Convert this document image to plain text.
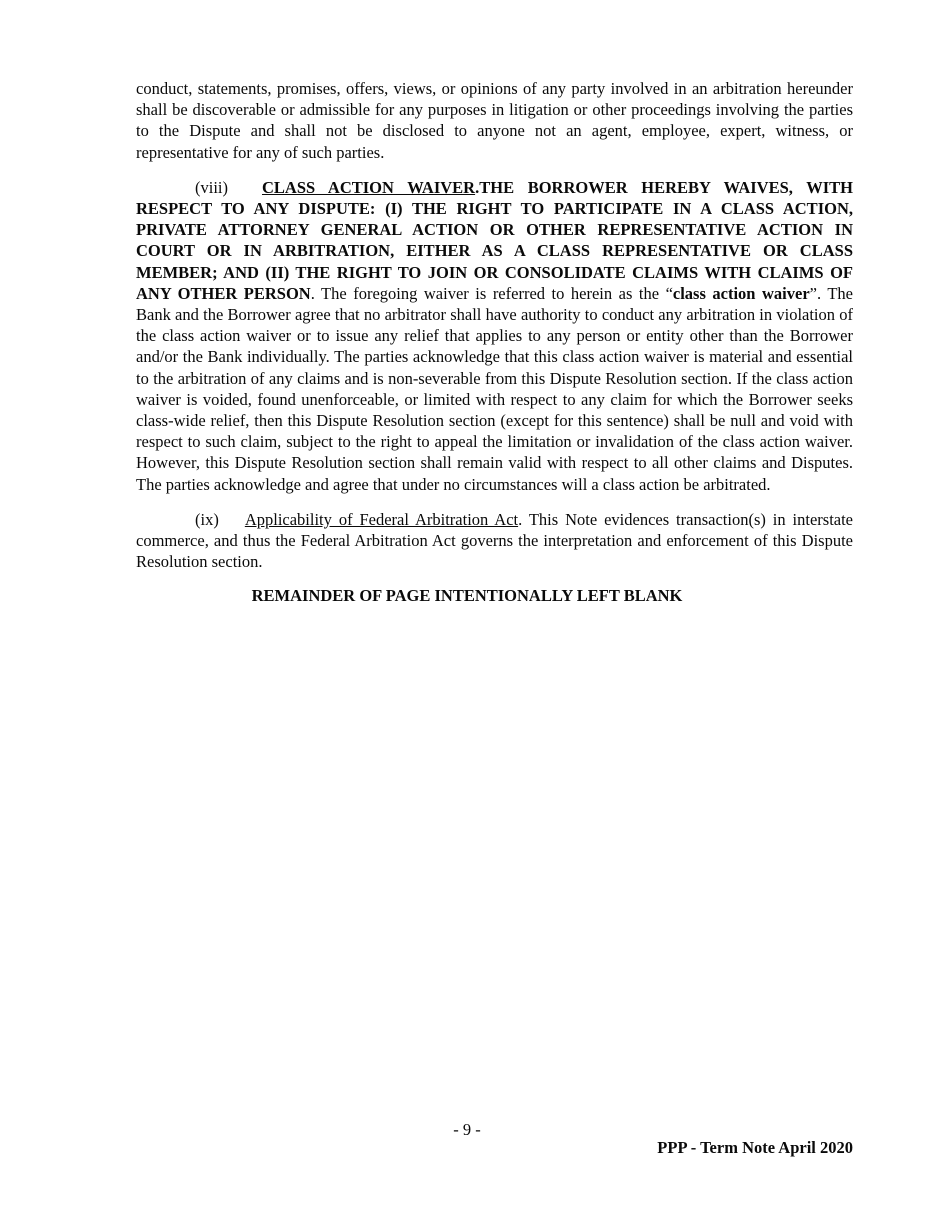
conduct, statements, promises, offers, views, or opinions of any party involved in an arbitration hereunder shall be discoverable or admissible for any purposes in litigation or other proceedings involving the parties to the Dispute and shall not be disclosed to anyone not an agent, employee, expert, witness, or representative for any of such parties.

(viii) CLASS ACTION WAIVER.THE BORROWER HEREBY WAIVES, WITH RESPECT TO ANY DISPUTE: (I) THE RIGHT TO PARTICIPATE IN A CLASS ACTION, PRIVATE ATTORNEY GENERAL ACTION OR OTHER REPRESENTATIVE ACTION IN COURT OR IN ARBITRATION, EITHER AS A CLASS REPRESENTATIVE OR CLASS MEMBER; AND (II) THE RIGHT TO JOIN OR CONSOLIDATE CLAIMS WITH CLAIMS OF ANY OTHER PERSON. The foregoing waiver is referred to herein as the “class action waiver”. The Bank and the Borrower agree that no arbitrator shall have authority to conduct any arbitration in violation of the class action waiver or to issue any relief that applies to any person or entity other than the Borrower and/or the Bank individually. The parties acknowledge that this class action waiver is material and essential to the arbitration of any claims and is non-severable from this Dispute Resolution section. If the class action waiver is voided, found unenforceable, or limited with respect to any claim for which the Borrower seeks class-wide relief, then this Dispute Resolution section (except for this sentence) shall be null and void with respect to such claim, subject to the right to appeal the limitation or invalidation of the class action waiver. However, this Dispute Resolution section shall remain valid with respect to all other claims and Disputes. The parties acknowledge and agree that under no circumstances will a class action be arbitrated.

(ix) Applicability of Federal Arbitration Act. This Note evidences transaction(s) in interstate commerce, and thus the Federal Arbitration Act governs the interpretation and enforcement of this Dispute Resolution section.

REMAINDER OF PAGE INTENTIONALLY LEFT BLANK
- 9 -
PPP - Term Note April 2020
